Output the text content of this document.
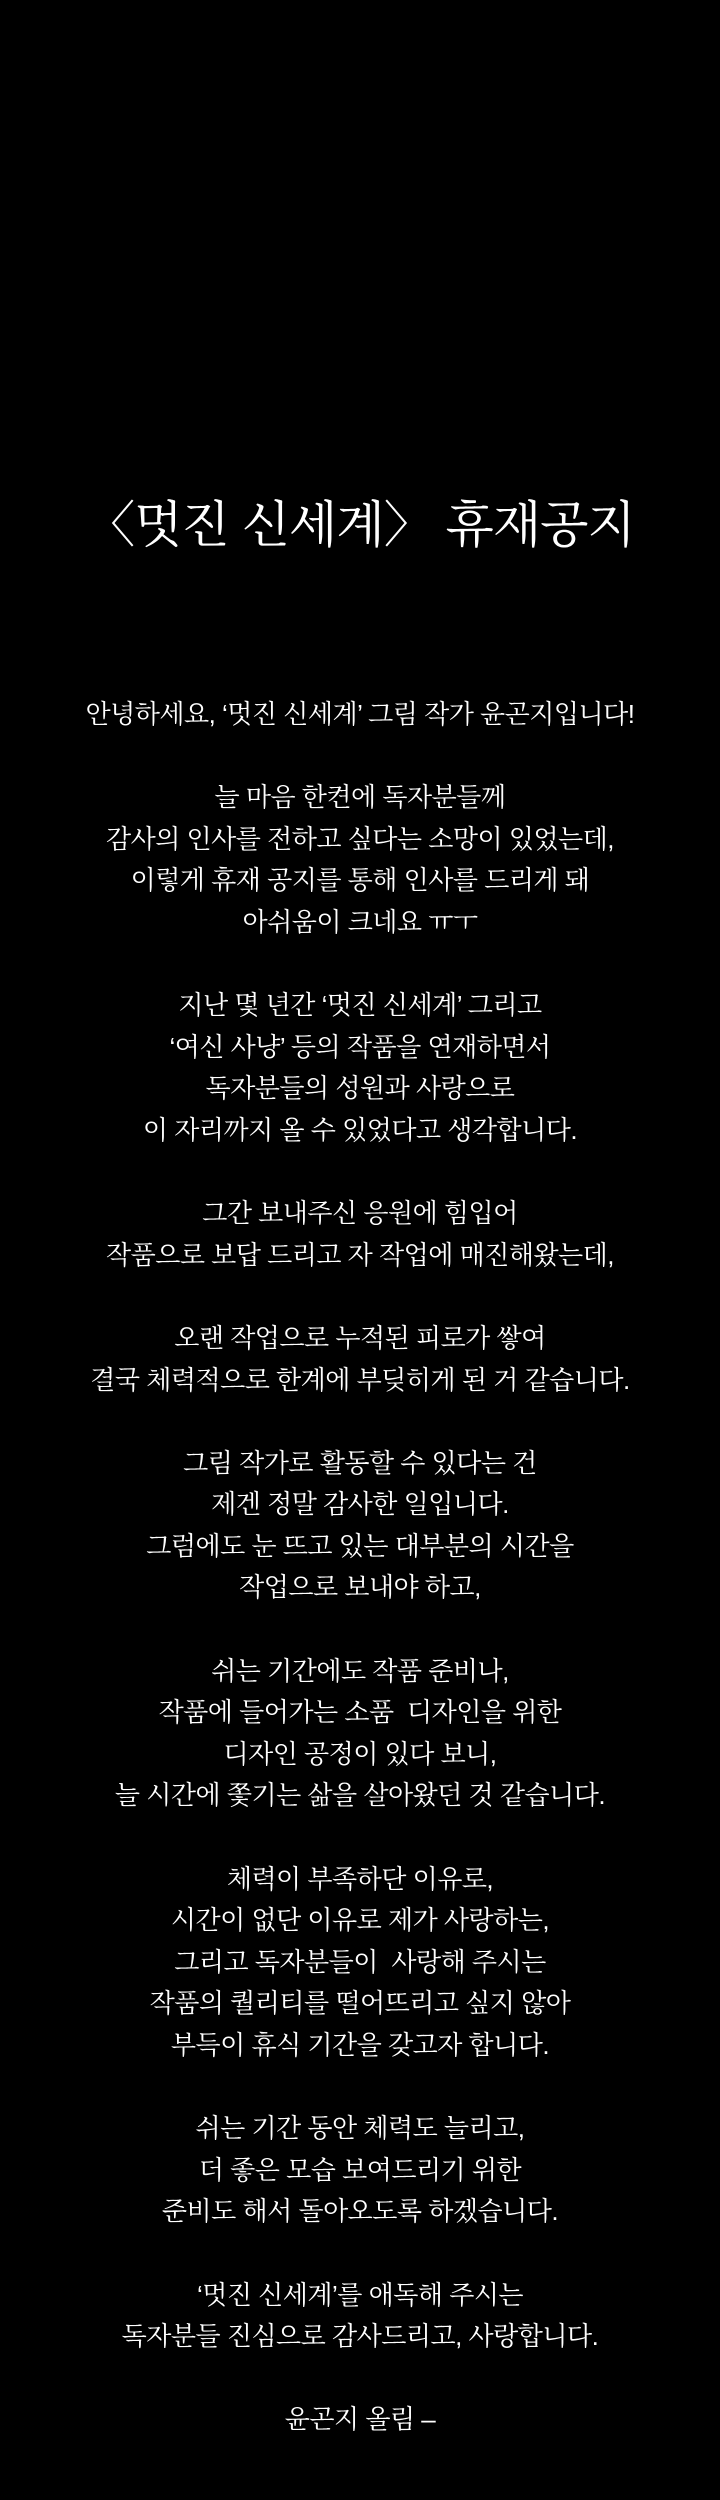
〈멋진 신세계〉 휴재공지
안녕하세요, ‘멋진 신세계’ 그림 작가 윤곤지입니다!
늘 마음 한켠에 독자분들께
감사의 인사를 전하고 싶다는 소망이 있었는데,
이렇게 휴재 공지를 통해 인사를 드리게 돼
아쉬움이 크네요 ㅠㅜ
지난 몇 년간 ‘멋진 신세계’ 그리고
‘여신 사냥’ 등의 작품을 연재하면서
독자분들의 성원과 사랑으로
이 자리까지 올 수 있었다고 생각합니다.
그간 보내주신 응원에 힘입어
작품으로 보답 드리고 자 작업에 매진해왔는데,
오랜 작업으로 누적된 피로가 쌓여
결국 체력적으로 한계에 부딪히게 된 거 같습니다.
그림 작가로 활동할 수 있다는 건
제겐 정말 감사한 일입니다.
그럼에도 눈 뜨고 있는 대부분의 시간을
작업으로 보내야 하고,
쉬는 기간에도 작품 준비나,
작품에 들어가는 소품  디자인을 위한
디자인 공정이 있다 보니,
늘 시간에 쫓기는 삶을 살아왔던 것 같습니다.
체력이 부족하단 이유로,
시간이 없단 이유로 제가 사랑하는,
그리고 독자분들이  사랑해 주시는
작품의 퀄리티를 떨어뜨리고 싶지 않아
부득이 휴식 기간을 갖고자 합니다.
쉬는 기간 동안 체력도 늘리고,
더 좋은 모습 보여드리기 위한
준비도 해서 돌아오도록 하겠습니다.
‘멋진 신세계’를 애독해 주시는
독자분들 진심으로 감사드리고, 사랑합니다.
윤곤지 올림 –
